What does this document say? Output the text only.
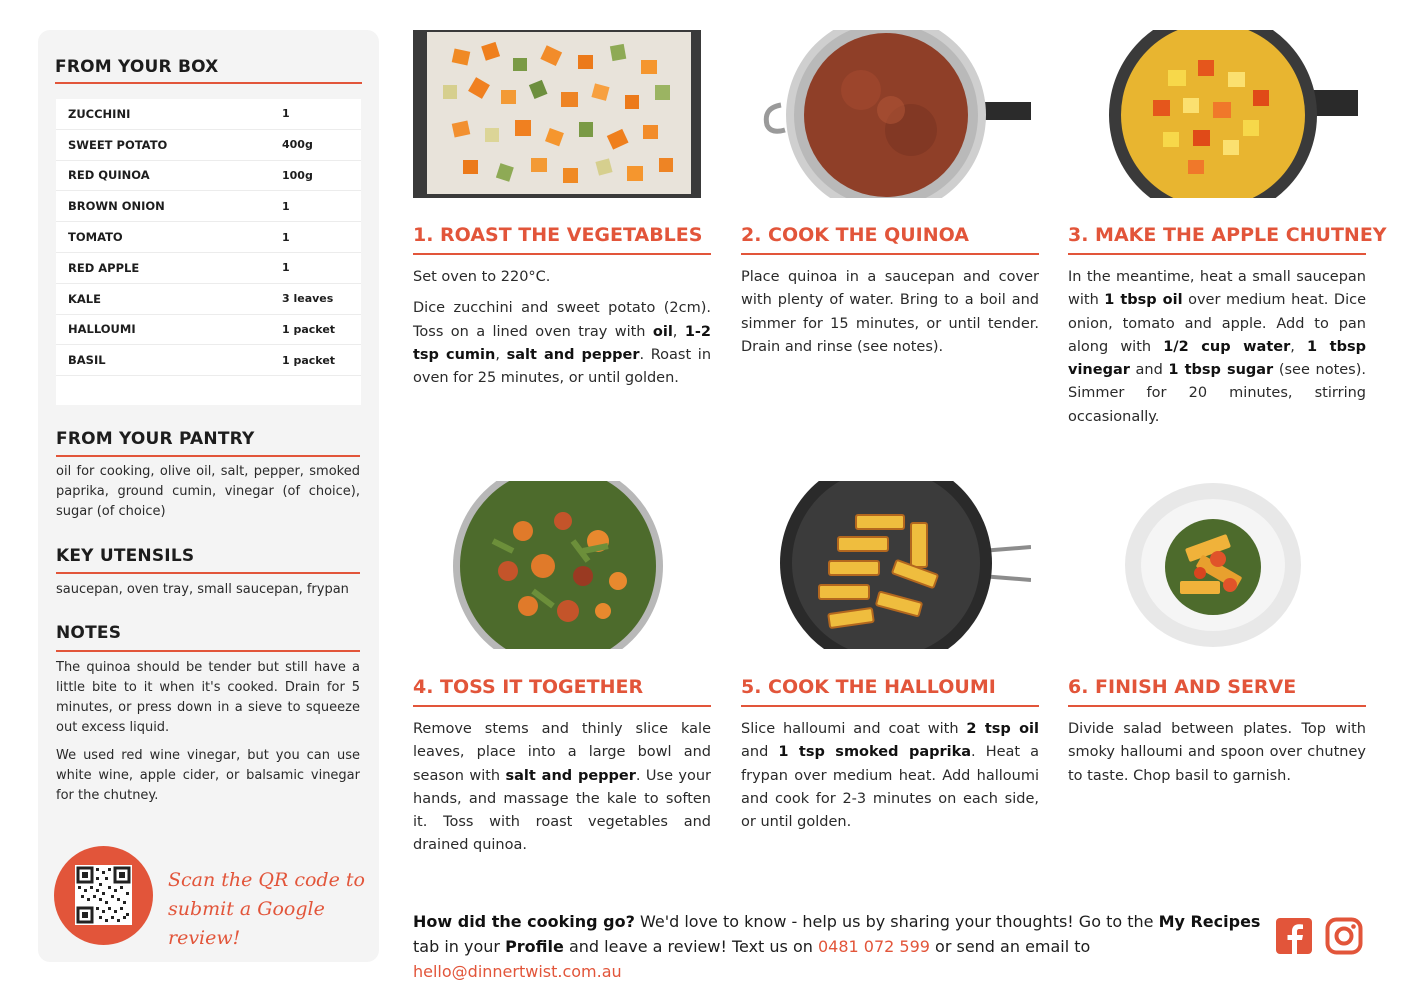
FROM YOUR BOX
ZUCCHINI	1
SWEET POTATO	400g
RED QUINOA	100g
BROWN ONION	1
TOMATO	1
RED APPLE	1
KALE	3 leaves
HALLOUMI	1 packet
BASIL	1 packet
FROM YOUR PANTRY
oil for cooking, olive oil, salt, pepper, smoked paprika, ground cumin, vinegar (of choice), sugar (of choice)
KEY UTENSILS
saucepan, oven tray, small saucepan, frypan
NOTES
The quinoa should be tender but still have a little bite to it when it's cooked. Drain for 5 minutes, or press down in a sieve to squeeze out excess liquid.
We used red wine vinegar, but you can use white wine, apple cider, or balsamic vinegar for the chutney.
Scan the QR code to
submit a Google review!
1. ROAST THE VEGETABLES

Set oven to 220°C.

Dice zucchini and sweet potato (2cm). Toss on a lined oven tray with oil, 1-2 tsp cumin, salt and pepper. Roast in oven for 25 minutes, or until golden.

2. COOK THE QUINOA

Place quinoa in a saucepan and cover with plenty of water. Bring to a boil and simmer for 15 minutes, or until tender. Drain and rinse (see notes).

3. MAKE THE APPLE CHUTNEY

In the meantime, heat a small saucepan with 1 tbsp oil over medium heat. Dice onion, tomato and apple. Add to pan along with 1/2 cup water, 1 tbsp vinegar and 1 tbsp sugar (see notes). Simmer for 20 minutes, stirring occasionally.

4. TOSS IT TOGETHER

Remove stems and thinly slice kale leaves, place into a large bowl and season with salt and pepper. Use your hands, and massage the kale to soften it. Toss with roast vegetables and drained quinoa.

5. COOK THE HALLOUMI

Slice halloumi and coat with 2 tsp oil and 1 tsp smoked paprika. Heat a frypan over medium heat. Add halloumi and cook for 2-3 minutes on each side, or until golden.

6. FINISH AND SERVE

Divide salad between plates. Top with smoky halloumi and spoon over chutney to taste. Chop basil to garnish.

How did the cooking go? We'd love to know - help us by sharing your thoughts! Go to the My Recipes tab in your Profile and leave a review! Text us on 0481 072 599 or send an email to hello@dinnertwist.com.au
